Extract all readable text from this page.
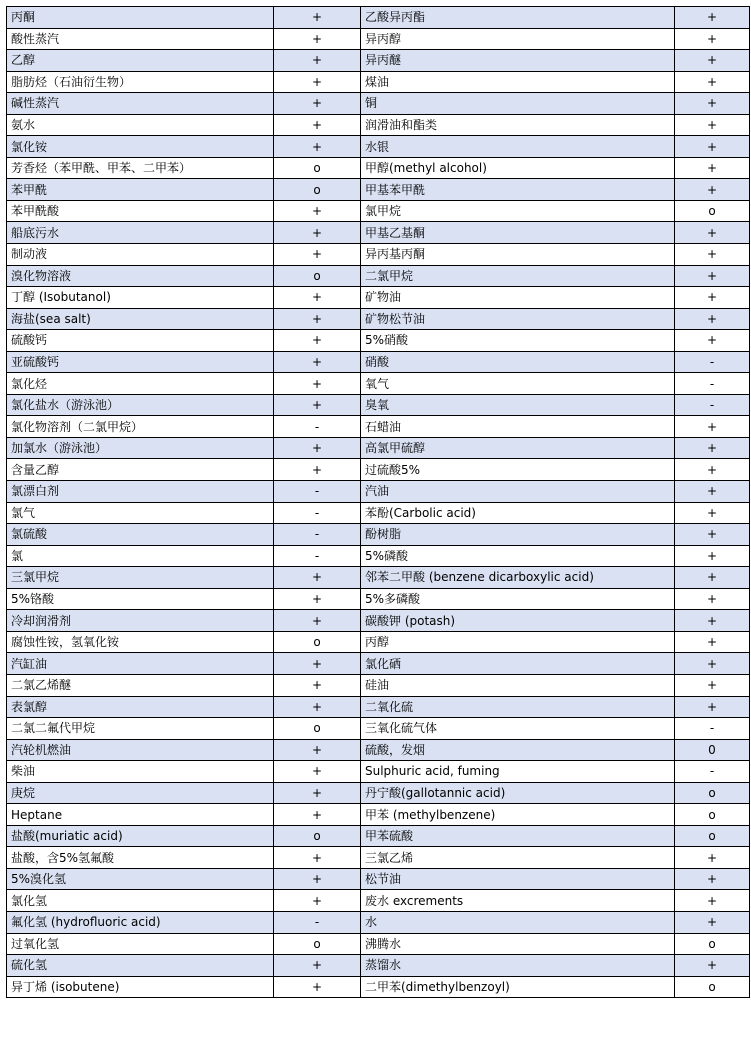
丙酮	+	乙酸异丙酯	+
酸性蒸汽	+	异丙醇	+
乙醇	+	异丙醚	+
脂肪烃（石油衍生物）	+	煤油	+
碱性蒸汽	+	铜	+
氨水	+	润滑油和酯类	+
氯化铵	+	水银	+
芳香烃（苯甲酰、甲苯、二甲苯）	o	甲醇(methyl alcohol)	+
苯甲酰	o	甲基苯甲酰	+
苯甲酰酸	+	氯甲烷	o
船底污水	+	甲基乙基酮	+
制动液	+	异丙基丙酮	+
溴化物溶液	o	二氯甲烷	+
丁醇 (Isobutanol)	+	矿物油	+
海盐(sea salt)	+	矿物松节油	+
硫酸钙	+	5%硝酸	+
亚硫酸钙	+	硝酸	-
氯化烃	+	氧气	-
氯化盐水（游泳池）	+	臭氧	-
氯化物溶剂（二氯甲烷）	-	石蜡油	+
加氯水（游泳池）	+	高氯甲硫醇	+
含量乙醇	+	过硫酸5%	+
氯漂白剂	-	汽油	+
氯气	-	苯酚(Carbolic acid)	+
氯硫酸	-	酚树脂	+
氯	-	5%磷酸	+
三氯甲烷	+	邻苯二甲酸 (benzene dicarboxylic acid)	+
5%铬酸	+	5%多磷酸	+
冷却润滑剂	+	碳酸钾 (potash)	+
腐蚀性铵，氢氧化铵	o	丙醇	+
汽缸油	+	氯化硒	+
二氯乙烯醚	+	硅油	+
表氯醇	+	二氧化硫	+
二氯二氟代甲烷	o	三氧化硫气体	-
汽轮机燃油	+	硫酸，发烟	0
柴油	+	Sulphuric acid, fuming	-
庚烷	+	丹宁酸(gallotannic acid)	o
Heptane	+	甲苯 (methylbenzene)	o
盐酸(muriatic acid)	o	甲苯硫酸	o
盐酸，含5%氢氟酸	+	三氯乙烯	+
5%溴化氢	+	松节油	+
氯化氢	+	废水 excrements	+
氟化氢 (hydrofluoric acid)	-	水	+
过氧化氢	o	沸腾水	o
硫化氢	+	蒸馏水	+
异丁烯 (isobutene)	+	二甲苯(dimethylbenzoyl)	o
